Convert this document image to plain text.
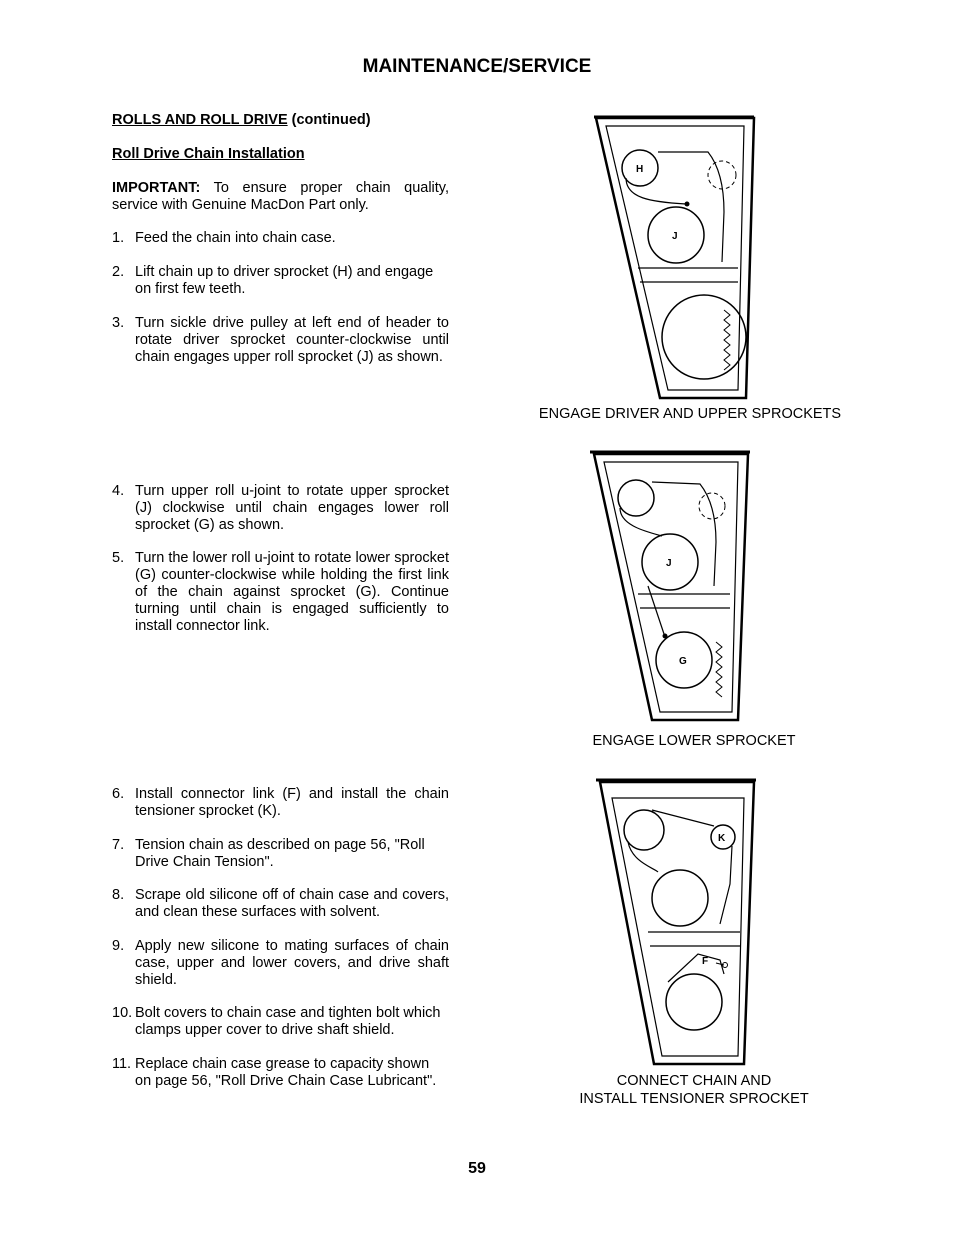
MAINTENANCE/SERVICE
ROLLS AND ROLL DRIVE (continued)
Roll Drive Chain Installation
IMPORTANT: To ensure proper chain quality, service with Genuine MacDon Part only.
1. Feed the chain into chain case.
2. Lift chain up to driver sprocket (H) and engage on first few teeth.
3. Turn sickle drive pulley at left end of header to rotate driver sprocket counter-clockwise until chain engages upper roll sprocket (J) as shown.
4. Turn upper roll u-joint to rotate upper sprocket (J) clockwise until chain engages lower roll sprocket (G) as shown.
5. Turn the lower roll u-joint to rotate lower sprocket (G) counter-clockwise while holding the first link of the chain against sprocket (G). Continue turning until chain is engaged sufficiently to install connector link.
6. Install connector link (F) and install the chain tensioner sprocket (K).
7. Tension chain as described on page 56, "Roll Drive Chain Tension".
8. Scrape old silicone off of chain case and covers, and clean these surfaces with solvent.
9. Apply new silicone to mating surfaces of chain case, upper and lower covers, and drive shaft shield.
10. Bolt covers to chain case and tighten bolt which clamps upper cover to drive shaft shield.
11. Replace chain case grease to capacity shown on page 56, "Roll Drive Chain Case Lubricant".
H
J
ENGAGE DRIVER AND UPPER SPROCKETS
J
G
ENGAGE LOWER SPROCKET
K
F
CONNECT CHAIN AND
INSTALL TENSIONER SPROCKET
59
